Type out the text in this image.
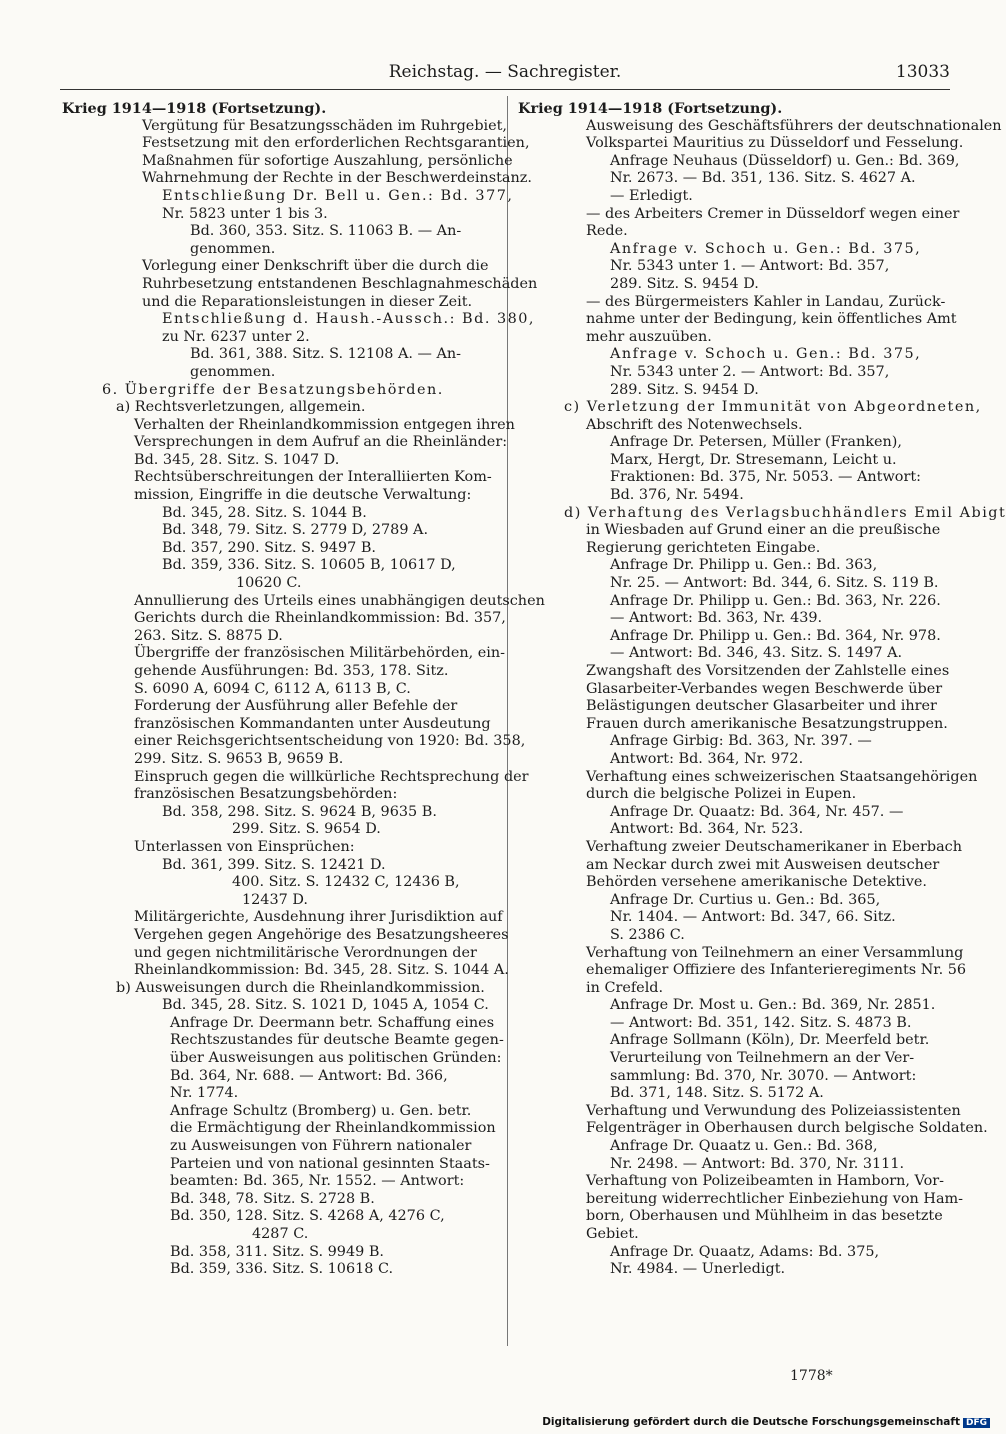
Reichstag. — Sachregister.	13033

Krieg 1914—1918 (Fortsetzung).

Vergütung für Besatzungsschäden im Ruhrgebiet,

Festsetzung mit den erforderlichen Rechtsgarantien,

Maßnahmen für sofortige Auszahlung, persönliche

Wahrnehmung der Rechte in der Beschwerdeinstanz.

Entschließung Dr. Bell u. Gen.: Bd. 377,

Nr. 5823 unter 1 bis 3.

Bd. 360, 353. Sitz. S. 11063 B. — An-

genommen.

Vorlegung einer Denkschrift über die durch die

Ruhrbesetzung entstandenen Beschlagnahmeschäden

und die Reparationsleistungen in dieser Zeit.

Entschließung d. Haush.-Aussch.: Bd. 380,

zu Nr. 6237 unter 2.

Bd. 361, 388. Sitz. S. 12108 A. — An-

genommen.

6. Übergriffe der Besatzungsbehörden.

a) Rechtsverletzungen, allgemein.

Verhalten der Rheinlandkommission entgegen ihren

Versprechungen in dem Aufruf an die Rheinländer:

Bd. 345, 28. Sitz. S. 1047 D.

Rechtsüberschreitungen der Interalliierten Kom-

mission, Eingriffe in die deutsche Verwaltung:

Bd. 345, 28. Sitz. S. 1044 B.

Bd. 348, 79. Sitz. S. 2779 D, 2789 A.

Bd. 357, 290. Sitz. S. 9497 B.

Bd. 359, 336. Sitz. S. 10605 B, 10617 D,

10620 C.

Annullierung des Urteils eines unabhängigen deutschen

Gerichts durch die Rheinlandkommission: Bd. 357,

263. Sitz. S. 8875 D.

Übergriffe der französischen Militärbehörden, ein-

gehende Ausführungen: Bd. 353, 178. Sitz.

S. 6090 A, 6094 C, 6112 A, 6113 B, C.

Forderung der Ausführung aller Befehle der

französischen Kommandanten unter Ausdeutung

einer Reichsgerichtsentscheidung von 1920: Bd. 358,

299. Sitz. S. 9653 B, 9659 B.

Einspruch gegen die willkürliche Rechtsprechung der

französischen Besatzungsbehörden:

Bd. 358, 298. Sitz. S. 9624 B, 9635 B.

299. Sitz. S. 9654 D.

Unterlassen von Einsprüchen:

Bd. 361, 399. Sitz. S. 12421 D.

400. Sitz. S. 12432 C, 12436 B,

12437 D.

Militärgerichte, Ausdehnung ihrer Jurisdiktion auf

Vergehen gegen Angehörige des Besatzungsheeres

und gegen nichtmilitärische Verordnungen der

Rheinlandkommission: Bd. 345, 28. Sitz. S. 1044 A.

b) Ausweisungen durch die Rheinlandkommission.

Bd. 345, 28. Sitz. S. 1021 D, 1045 A, 1054 C.

Anfrage Dr. Deermann betr. Schaffung eines

Rechtszustandes für deutsche Beamte gegen-

über Ausweisungen aus politischen Gründen:

Bd. 364, Nr. 688. — Antwort: Bd. 366,

Nr. 1774.

Anfrage Schultz (Bromberg) u. Gen. betr.

die Ermächtigung der Rheinlandkommission

zu Ausweisungen von Führern nationaler

Parteien und von national gesinnten Staats-

beamten: Bd. 365, Nr. 1552. — Antwort:

Bd. 348, 78. Sitz. S. 2728 B.

Bd. 350, 128. Sitz. S. 4268 A, 4276 C,

4287 C.

Bd. 358, 311. Sitz. S. 9949 B.

Bd. 359, 336. Sitz. S. 10618 C.

Krieg 1914—1918 (Fortsetzung).

Ausweisung des Geschäftsführers der deutschnationalen

Volkspartei Mauritius zu Düsseldorf und Fesselung.

Anfrage Neuhaus (Düsseldorf) u. Gen.: Bd. 369,

Nr. 2673. — Bd. 351, 136. Sitz. S. 4627 A.

— Erledigt.

— des Arbeiters Cremer in Düsseldorf wegen einer

Rede.

Anfrage v. Schoch u. Gen.: Bd. 375,

Nr. 5343 unter 1. — Antwort: Bd. 357,

289. Sitz. S. 9454 D.

— des Bürgermeisters Kahler in Landau, Zurück-

nahme unter der Bedingung, kein öffentliches Amt

mehr auszuüben.

Anfrage v. Schoch u. Gen.: Bd. 375,

Nr. 5343 unter 2. — Antwort: Bd. 357,

289. Sitz. S. 9454 D.

c) Verletzung der Immunität von Abgeordneten,

Abschrift des Notenwechsels.

Anfrage Dr. Petersen, Müller (Franken),

Marx, Hergt, Dr. Stresemann, Leicht u.

Fraktionen: Bd. 375, Nr. 5053. — Antwort:

Bd. 376, Nr. 5494.

d) Verhaftung des Verlagsbuchhändlers Emil Abigt

in Wiesbaden auf Grund einer an die preußische

Regierung gerichteten Eingabe.

Anfrage Dr. Philipp u. Gen.: Bd. 363,

Nr. 25. — Antwort: Bd. 344, 6. Sitz. S. 119 B.

Anfrage Dr. Philipp u. Gen.: Bd. 363, Nr. 226.

— Antwort: Bd. 363, Nr. 439.

Anfrage Dr. Philipp u. Gen.: Bd. 364, Nr. 978.

— Antwort: Bd. 346, 43. Sitz. S. 1497 A.

Zwangshaft des Vorsitzenden der Zahlstelle eines

Glasarbeiter-Verbandes wegen Beschwerde über

Belästigungen deutscher Glasarbeiter und ihrer

Frauen durch amerikanische Besatzungstruppen.

Anfrage Girbig: Bd. 363, Nr. 397. —

Antwort: Bd. 364, Nr. 972.

Verhaftung eines schweizerischen Staatsangehörigen

durch die belgische Polizei in Eupen.

Anfrage Dr. Quaatz: Bd. 364, Nr. 457. —

Antwort: Bd. 364, Nr. 523.

Verhaftung zweier Deutschamerikaner in Eberbach

am Neckar durch zwei mit Ausweisen deutscher

Behörden versehene amerikanische Detektive.

Anfrage Dr. Curtius u. Gen.: Bd. 365,

Nr. 1404. — Antwort: Bd. 347, 66. Sitz.

S. 2386 C.

Verhaftung von Teilnehmern an einer Versammlung

ehemaliger Offiziere des Infanterieregiments Nr. 56

in Crefeld.

Anfrage Dr. Most u. Gen.: Bd. 369, Nr. 2851.

— Antwort: Bd. 351, 142. Sitz. S. 4873 B.

Anfrage Sollmann (Köln), Dr. Meerfeld betr.

Verurteilung von Teilnehmern an der Ver-

sammlung: Bd. 370, Nr. 3070. — Antwort:

Bd. 371, 148. Sitz. S. 5172 A.

Verhaftung und Verwundung des Polizeiassistenten

Felgenträger in Oberhausen durch belgische Soldaten.

Anfrage Dr. Quaatz u. Gen.: Bd. 368,

Nr. 2498. — Antwort: Bd. 370, Nr. 3111.

Verhaftung von Polizeibeamten in Hamborn, Vor-

bereitung widerrechtlicher Einbeziehung von Ham-

born, Oberhausen und Mühlheim in das besetzte

Gebiet.

Anfrage Dr. Quaatz, Adams: Bd. 375,

Nr. 4984. — Unerledigt.

1778*
Digitalisierung gefördert durch die Deutsche Forschungsgemeinschaft DFG
